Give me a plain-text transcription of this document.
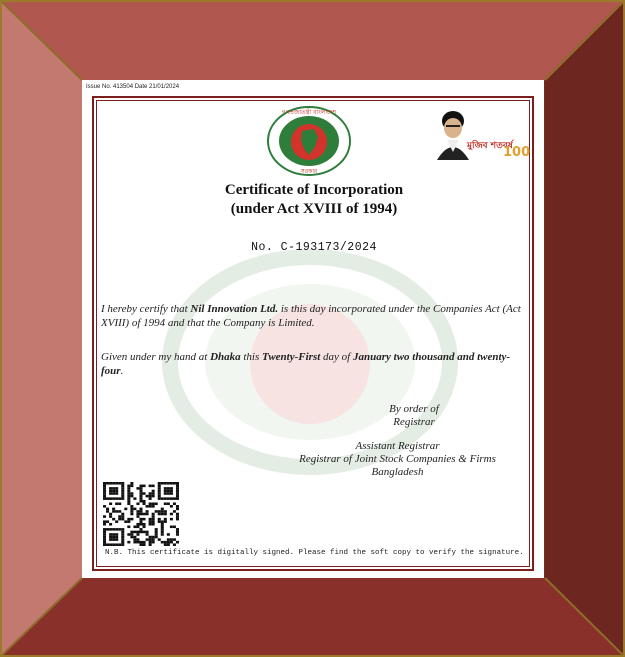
Issue No. 413504 Date 21/01/2024
গণপ্রজাতন্ত্রী বাংলাদেশ
সরকার
মুজিব শতবর্ষ
100
Certificate of Incorporation
(under Act XVIII of 1994)
No. C-193173/2024
I hereby certify that Nil Innovation Ltd. is this day incorporated under the Companies Act (Act XVIII) of 1994 and that the Company is Limited.
Given under my hand at Dhaka this Twenty-First day of January two thousand and twenty-four.
By order of
Registrar
Assistant Registrar
Registrar of Joint Stock Companies & Firms
Bangladesh
N.B. This certificate is digitally signed. Please find the soft copy to verify the signature.
